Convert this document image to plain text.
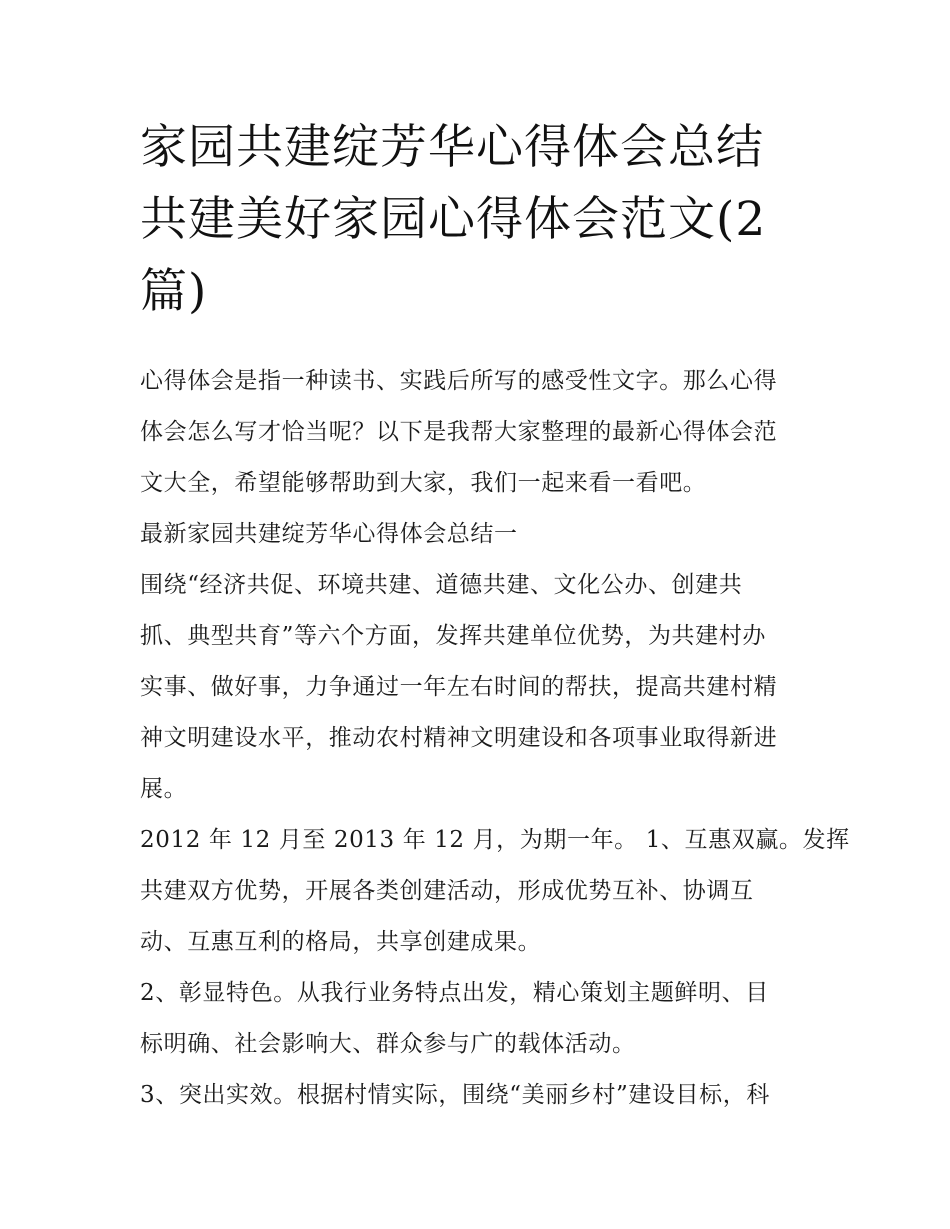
家园共建绽芳华心得体会总结
共建美好家园心得体会范文(2
篇)
心得体会是指一种读书、实践后所写的感受性文字。那么心得
体会怎么写才恰当呢？以下是我帮大家整理的最新心得体会范
文大全，希望能够帮助到大家，我们一起来看一看吧。
最新家园共建绽芳华心得体会总结一
围绕“经济共促、环境共建、道德共建、文化公办、创建共
抓、典型共育”等六个方面，发挥共建单位优势，为共建村办
实事、做好事，力争通过一年左右时间的帮扶，提高共建村精
神文明建设水平，推动农村精神文明建设和各项事业取得新进
展。
2012 年 12 月至 2013 年 12 月，为期一年。 1、互惠双赢。发挥
共建双方优势，开展各类创建活动，形成优势互补、协调互
动、互惠互利的格局，共享创建成果。
2、彰显特色。从我行业务特点出发，精心策划主题鲜明、目
标明确、社会影响大、群众参与广的载体活动。
3、突出实效。根据村情实际，围绕“美丽乡村”建设目标，科
